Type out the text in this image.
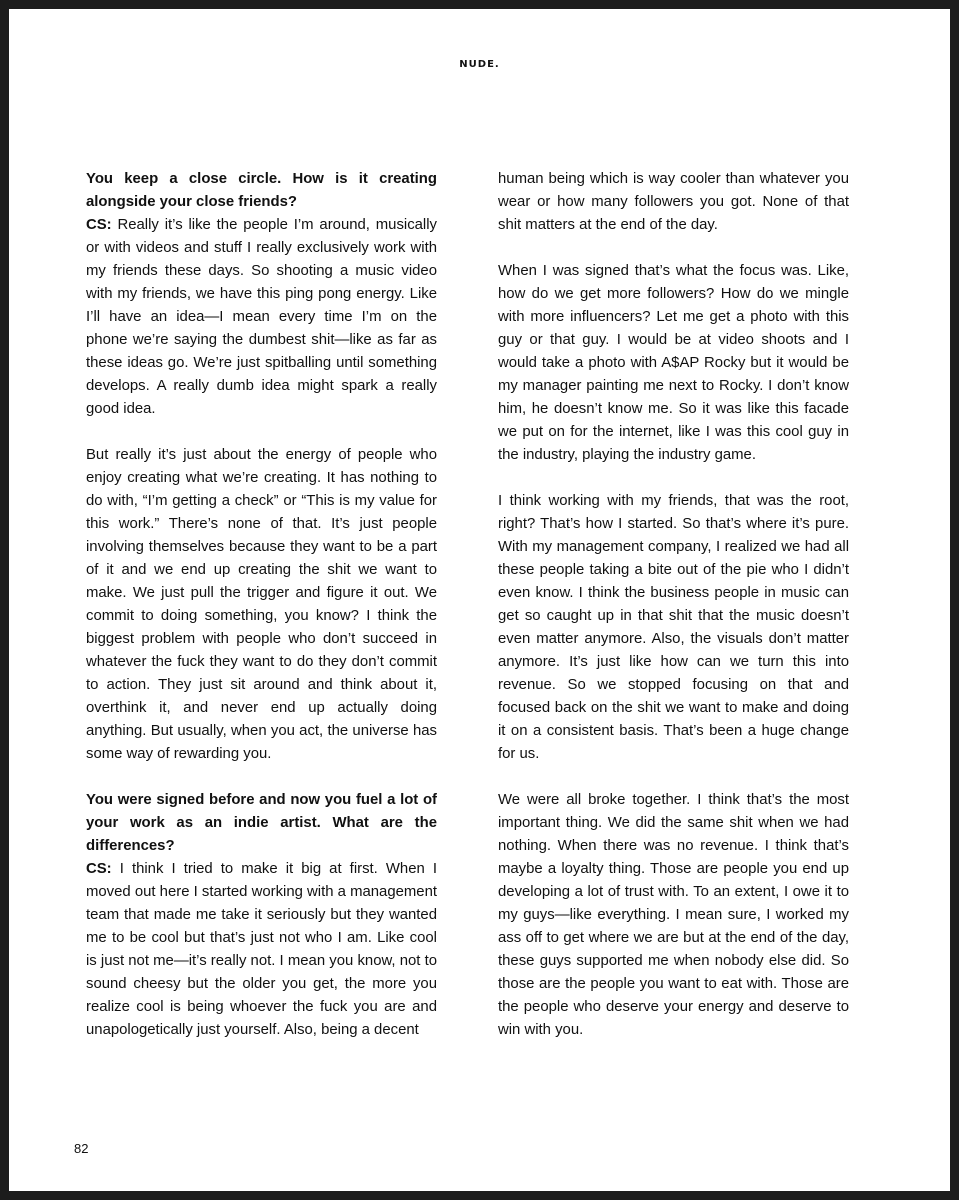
NUDE.

You keep a close circle. How is it creating alongside your close friends?
CS: Really it’s like the people I’m around, musically or with videos and stuff I really exclusively work with my friends these days. So shooting a music video with my friends, we have this ping pong energy. Like I’ll have an idea—I mean every time I’m on the phone we’re saying the dumbest shit—like as far as these ideas go. We’re just spitballing until something develops. A really dumb idea might spark a really good idea.

But really it’s just about the energy of people who enjoy creating what we’re creating. It has nothing to do with, “I’m getting a check” or “This is my value for this work.” There’s none of that. It’s just people involving themselves because they want to be a part of it and we end up creating the shit we want to make. We just pull the trigger and figure it out. We commit to doing something, you know? I think the biggest problem with people who don’t succeed in whatever the fuck they want to do they don’t commit to action. They just sit around and think about it, overthink it, and never end up actually doing anything. But usually, when you act, the universe has some way of rewarding you.

You were signed before and now you fuel a lot of your work as an indie artist. What are the differences?
CS: I think I tried to make it big at first. When I moved out here I started working with a management team that made me take it seriously but they wanted me to be cool but that’s just not who I am. Like cool is just not me—it’s really not. I mean you know, not to sound cheesy but the older you get, the more you realize cool is being whoever the fuck you are and unapologetically just yourself. Also, being a decent

human being which is way cooler than whatever you wear or how many followers you got. None of that shit matters at the end of the day.

When I was signed that’s what the focus was. Like, how do we get more followers? How do we mingle with more influencers? Let me get a photo with this guy or that guy. I would be at video shoots and I would take a photo with A$AP Rocky but it would be my manager painting me next to Rocky. I don’t know him, he doesn’t know me. So it was like this facade we put on for the internet, like I was this cool guy in the industry, playing the industry game.

I think working with my friends, that was the root, right? That’s how I started. So that’s where it’s pure. With my management company, I realized we had all these people taking a bite out of the pie who I didn’t even know. I think the business people in music can get so caught up in that shit that the music doesn’t even matter anymore. Also, the visuals don’t matter anymore. It’s just like how can we turn this into revenue. So we stopped focusing on that and focused back on the shit we want to make and doing it on a consistent basis. That’s been a huge change for us.

We were all broke together. I think that’s the most important thing. We did the same shit when we had nothing. When there was no revenue. I think that’s maybe a loyalty thing. Those are people you end up developing a lot of trust with. To an extent, I owe it to my guys—like everything. I mean sure, I worked my ass off to get where we are but at the end of the day, these guys supported me when nobody else did. So those are the people you want to eat with. Those are the people who deserve your energy and deserve to win with you.

82
